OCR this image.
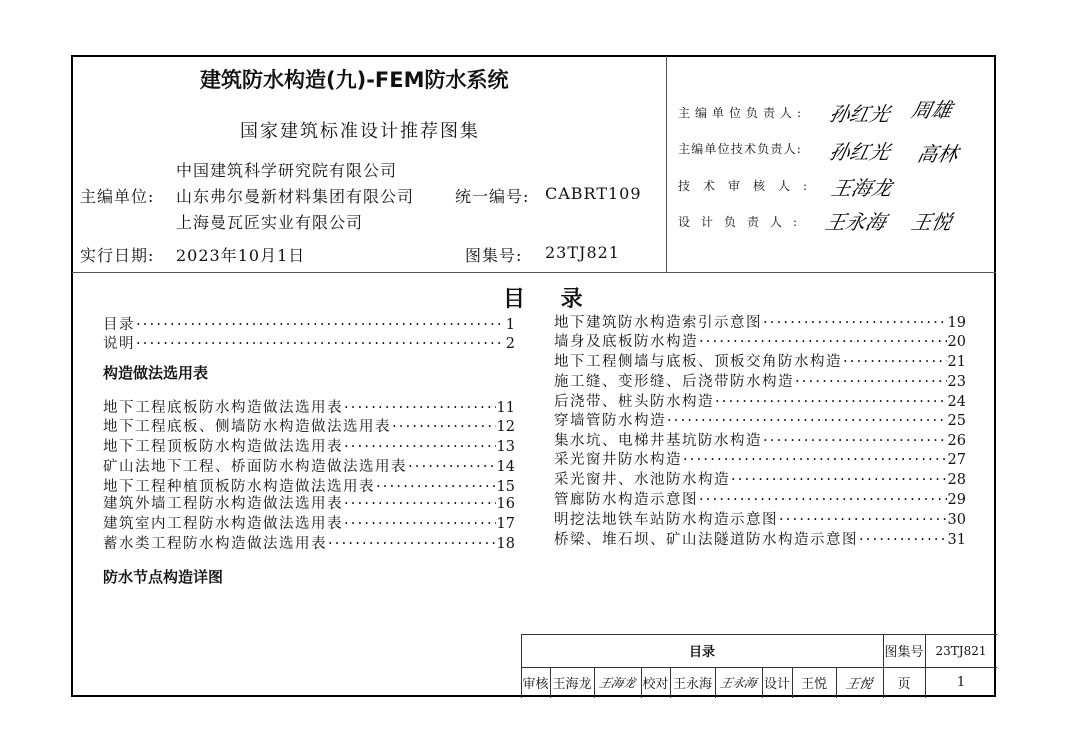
建筑防水构造(九)-FEM防水系统
国家建筑标准设计推荐图集
中国建筑科学研究院有限公司
主编单位: 山东弗尔曼新材料集团有限公司	统一编号: CABRT109
上海曼瓦匠实业有限公司
实行日期: 2023年10月1日	图集号: 23TJ821
主编单位负责人: 孙红光 周雄
主编单位技术负责人: 孙红光 高林
技术审核人: 王海龙
设计负责人: 王永海 王悦
目 录
目录 ·····	1
说明 ·····	2
构造做法选用表
地下工程底板防水构造做法选用表 ·····	11
地下工程底板、侧墙防水构造做法选用表 ·····	12
地下工程顶板防水构造做法选用表 ·····	13
矿山法地下工程、桥面防水构造做法选用表 ·····	14
地下工程种植顶板防水构造做法选用表 ·····	15
建筑外墙工程防水构造做法选用表 ·····	16
建筑室内工程防水构造做法选用表 ·····	17
蓄水类工程防水构造做法选用表 ·····	18
防水节点构造详图
地下建筑防水构造索引示意图 ·····	19
墙身及底板防水构造 ·····	20
地下工程侧墙与底板、顶板交角防水构造 ·····	21
施工缝、变形缝、后浇带防水构造 ·····	23
后浇带、桩头防水构造 ·····	24
穿墙管防水构造 ·····	25
集水坑、电梯井基坑防水构造 ·····	26
采光窗井防水构造 ·····	27
采光窗井、水池防水构造 ·····	28
管廊防水构造示意图 ·····	29
明挖法地铁车站防水构造示意图 ·····	30
桥梁、堆石坝、矿山法隧道防水构造示意图 ·····	31
目录	图集号	23TJ821
审核 王海龙 王海龙 校对 王永海 王永海 设计 王悦	王悦	页	1
